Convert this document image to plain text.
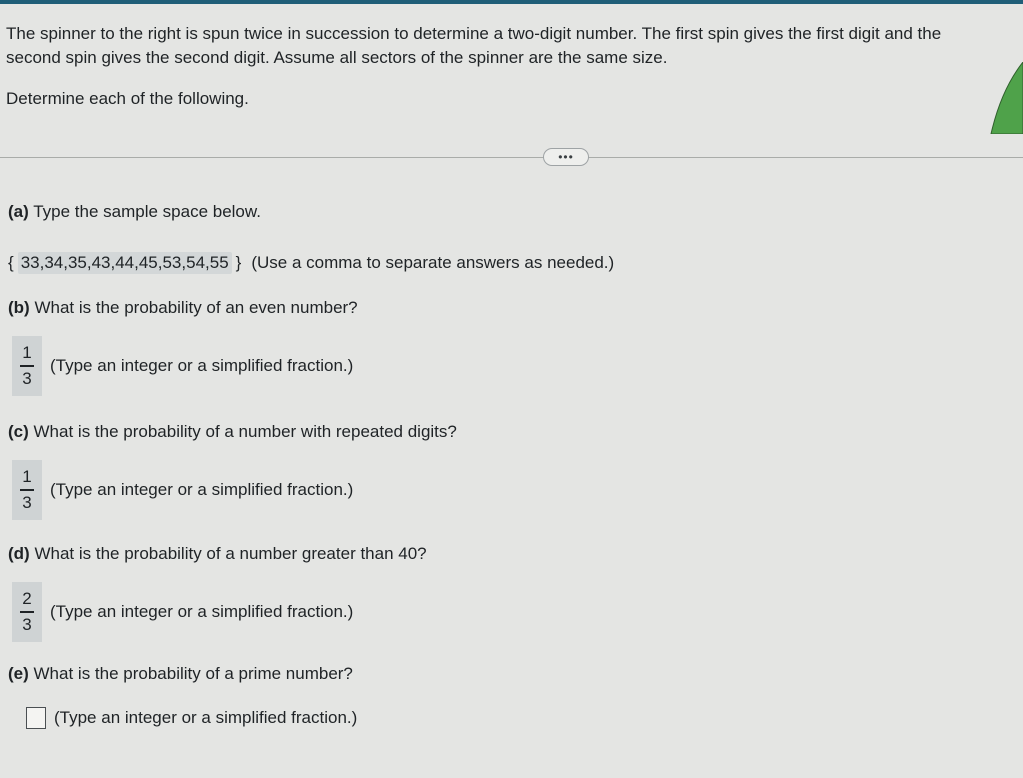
The spinner to the right is spun twice in succession to determine a two-digit number. The first spin gives the first digit and the second spin gives the second digit. Assume all sectors of the spinner are the same size.
Determine each of the following.
•••
(a) Type the sample space below.
{ 33,34,35,43,44,45,53,54,55 } (Use a comma to separate answers as needed.)
(b) What is the probability of an even number?
$\frac{1}{3}$ (Type an integer or a simplified fraction.)
(c) What is the probability of a number with repeated digits?
$\frac{1}{3}$ (Type an integer or a simplified fraction.)
(d) What is the probability of a number greater than 40?
$\frac{2}{3}$ (Type an integer or a simplified fraction.)
(e) What is the probability of a prime number?
(Type an integer or a simplified fraction.)
